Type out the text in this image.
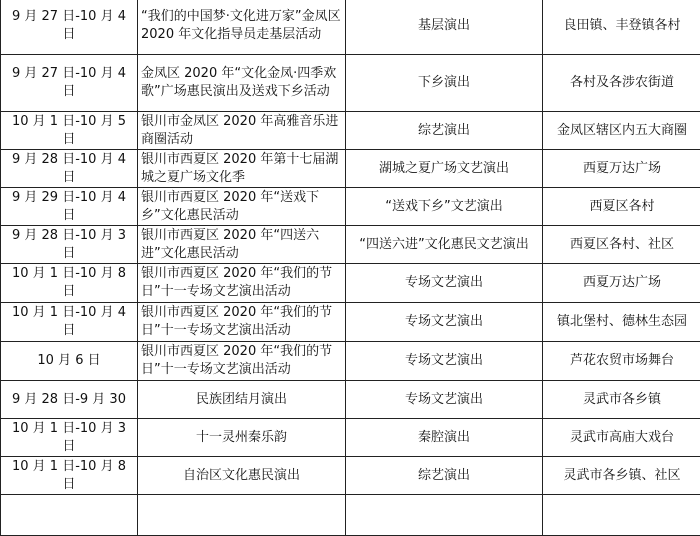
9 月 27 日-10 月 4 日	“我们的中国梦·文化进万家”金凤区 2020 年文化指导员走基层活动	基层演出	良田镇、丰登镇各村

9 月 27 日-10 月 4 日	金凤区 2020 年“文化金凤·四季欢歌”广场惠民演出及送戏下乡活动	下乡演出	各村及各涉农街道

10 月 1 日-10 月 5 日	银川市金凤区 2020 年高雅音乐进商圈活动	综艺演出	金凤区辖区内五大商圈

9 月 28 日-10 月 4 日	银川市西夏区 2020 年第十七届湖城之夏广场文化季	湖城之夏广场文艺演出	西夏万达广场

9 月 29 日-10 月 4 日	银川市西夏区 2020 年“送戏下乡”文化惠民活动	“送戏下乡”文艺演出	西夏区各村

9 月 28 日-10 月 3 日	银川市西夏区 2020 年“四送六进”文化惠民活动	“四送六进”文化惠民文艺演出	西夏区各村、社区

10 月 1 日-10 月 8 日	银川市西夏区 2020 年“我们的节日”十一专场文艺演出活动	专场文艺演出	西夏万达广场

10 月 1 日-10 月 4 日	银川市西夏区 2020 年“我们的节日”十一专场文艺演出活动	专场文艺演出	镇北堡村、德林生态园

10 月 6 日	银川市西夏区 2020 年“我们的节日”十一专场文艺演出活动	专场文艺演出	芦花农贸市场舞台

9 月 28 日-9 月 30	民族团结月演出	专场文艺演出	灵武市各乡镇

10 月 1 日-10 月 3 日	十一灵州秦乐韵	秦腔演出	灵武市高庙大戏台

10 月 1 日-10 月 8 日	自治区文化惠民演出	综艺演出	灵武市各乡镇、社区
